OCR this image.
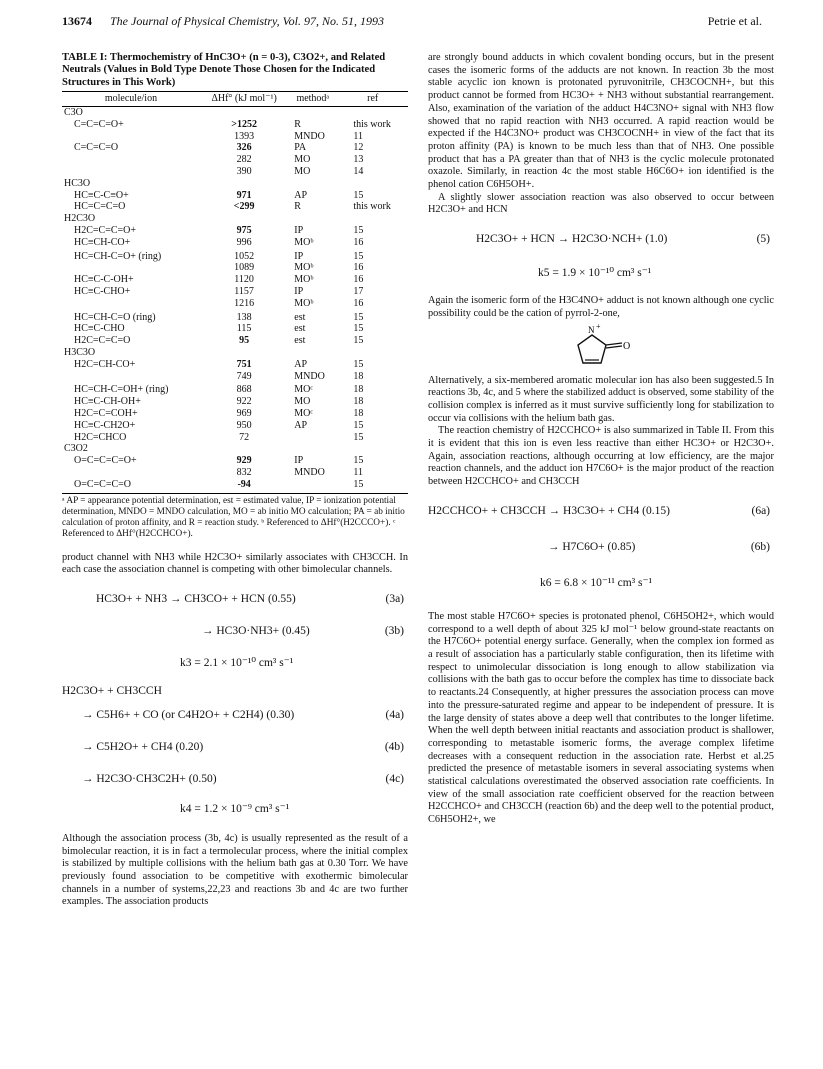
13674 The Journal of Physical Chemistry, Vol. 97, No. 51, 1993	Petrie et al.
TABLE I: Thermochemistry of HnC3O+ (n = 0-3), C3O2+, and Related Neutrals (Values in Bold Type Denote Those Chosen for the Indicated Structures in This Work)
molecule/ion	ΔHf° (kJ mol⁻¹)	methodᵃ	ref
C3O			
C=C=C=O+	>1252	R	this work
	1393	MNDO	11
C=C=C=O	326	PA	12
	282	MO	13
	390	MO	14
HC3O			
HC≡C-C≡O+	971	AP	15
HC=C=C=O	<299	R	this work
H2C3O			
H2C=C=C=O+	975	IP	15
HC≡CH-CO+	996	MOᵇ	16
HC=CH-C=O+ (ring)	1052	IP	15
	1089	MOᵇ	16
HC≡C-C-OH+	1120	MOᵇ	16
HC≡C-CHO+	1157	IP	17
	1216	MOᵇ	16
HC=CH-C=O (ring)	138	est	15
HC≡C-CHO	115	est	15
H2C=C=C=O	95	est	15
H3C3O			
H2C=CH-CO+	751	AP	15
	749	MNDO	18
HC=CH-C=OH+ (ring)	868	MOᶜ	18
HC≡C-CH-OH+	922	MO	18
H2C=C=COH+	969	MOᶜ	18
HC≡C-CH2O+	950	AP	15
H2C=CHCO	72		15
C3O2			
O=C=C=C=O+	929	IP	15
	832	MNDO	11
O=C=C=C=O	-94		15
ᵃ AP = appearance potential determination, est = estimated value, IP = ionization potential determination, MNDO = MNDO calculation, MO = ab initio MO calculation; PA = ab initio calculation of proton affinity, and R = reaction study. ᵇ Referenced to ΔHf°(H2CCCO+). ᶜ Referenced to ΔHf°(H2CCHCO+).

product channel with NH3 while H2C3O+ similarly associates with CH3CCH. In each case the association channel is competing with other bimolecular channels.

HC3O+ + NH3 → CH3CO+ + HCN (0.55)	(3a)
→ HC3O·NH3+ (0.45)	(3b)
k3 = 2.1 × 10⁻¹⁰ cm³ s⁻¹
H2C3O+ + CH3CCH
→ C5H6+ + CO (or C4H2O+ + C2H4) (0.30)	(4a)
→ C5H2O+ + CH4 (0.20)	(4b)
→ H2C3O·CH3C2H+ (0.50)	(4c)
k4 = 1.2 × 10⁻⁹ cm³ s⁻¹

Although the association process (3b, 4c) is usually represented as the result of a bimolecular reaction, it is in fact a termolecular process, where the initial complex is stabilized by multiple collisions with the helium bath gas at 0.30 Torr. We have previously found association to be competitive with exothermic bimolecular channels in a number of systems,22,23 and reactions 3b and 4c are two further examples. The association products

are strongly bound adducts in which covalent bonding occurs, but in the present cases the isomeric forms of the adducts are not known. In reaction 3b the most stable acyclic ion known is protonated pyruvonitrile, CH3COCNH+, but this product cannot be formed from HC3O+ + NH3 without substantial rearrangement. Also, examination of the variation of the adduct H4C3NO+ signal with NH3 flow showed that no rapid reaction with NH3 occurred. A rapid reaction would be expected if the H4C3NO+ product was CH3COCNH+ in view of the fact that its proton affinity (PA) is known to be much less than that of NH3. One possible product that has a PA greater than that of NH3 is the cyclic molecule protonated oxazole. Similarly, in reaction 4c the most stable H6C6O+ ion identified is the phenol cation C6H5OH+.

A slightly slower association reaction was also observed to occur between H2C3O+ and HCN

H2C3O+ + HCN → H2C3O·NCH+ (1.0)	(5)
k5 = 1.9 × 10⁻¹⁰ cm³ s⁻¹

Again the isomeric form of the H3C4NO+ adduct is not known although one cyclic possibility could be the cation of pyrrol-2-one,

O
N +

Alternatively, a six-membered aromatic molecular ion has also been suggested.5 In reactions 3b, 4c, and 5 where the stabilized adduct is observed, some stability of the collision complex is inferred as it must survive sufficiently long for stabilization to occur via collisions with the helium bath gas.

The reaction chemistry of H2CCHCO+ is also summarized in Table II. From this it is evident that this ion is even less reactive than either HC3O+ or H2C3O+. Again, association reactions, although occurring at low efficiency, are the major reaction channels, and the adduct ion H7C6O+ is the major product of the reaction between H2CCHCO+ and CH3CCH

H2CCHCO+ + CH3CCH → H3C3O+ + CH4 (0.15)	(6a)
→ H7C6O+ (0.85)	(6b)
k6 = 6.8 × 10⁻¹¹ cm³ s⁻¹

The most stable H7C6O+ species is protonated phenol, C6H5OH2+, which would correspond to a well depth of about 325 kJ mol⁻¹ below ground-state reactants on the H7C6O+ potential energy surface. Generally, when the complex ion formed as a result of association has a particularly stable configuration, then its lifetime with respect to unimolecular dissociation is long enough to allow stabilization via collisions with the bath gas to occur before the complex has time to dissociate back to reactants.24 Consequently, at higher pressures the association process can move into the pressure-saturated regime and appear to be independent of pressure. It is the large density of states above a deep well that contributes to the longer lifetime. When the well depth between initial reactants and association product is shallower, corresponding to metastable isomeric forms, the average complex lifetime decreases with a consequent reduction in the association rate. Herbst et al.25 predicted the presence of metastable isomers in several associating systems when statistical calculations overestimated the observed association rate coefficients. In view of the small association rate coefficient observed for the reaction between H2CCHCO+ and CH3CCH (reaction 6b) and the deep well to the potential product, C6H5OH2+, we
